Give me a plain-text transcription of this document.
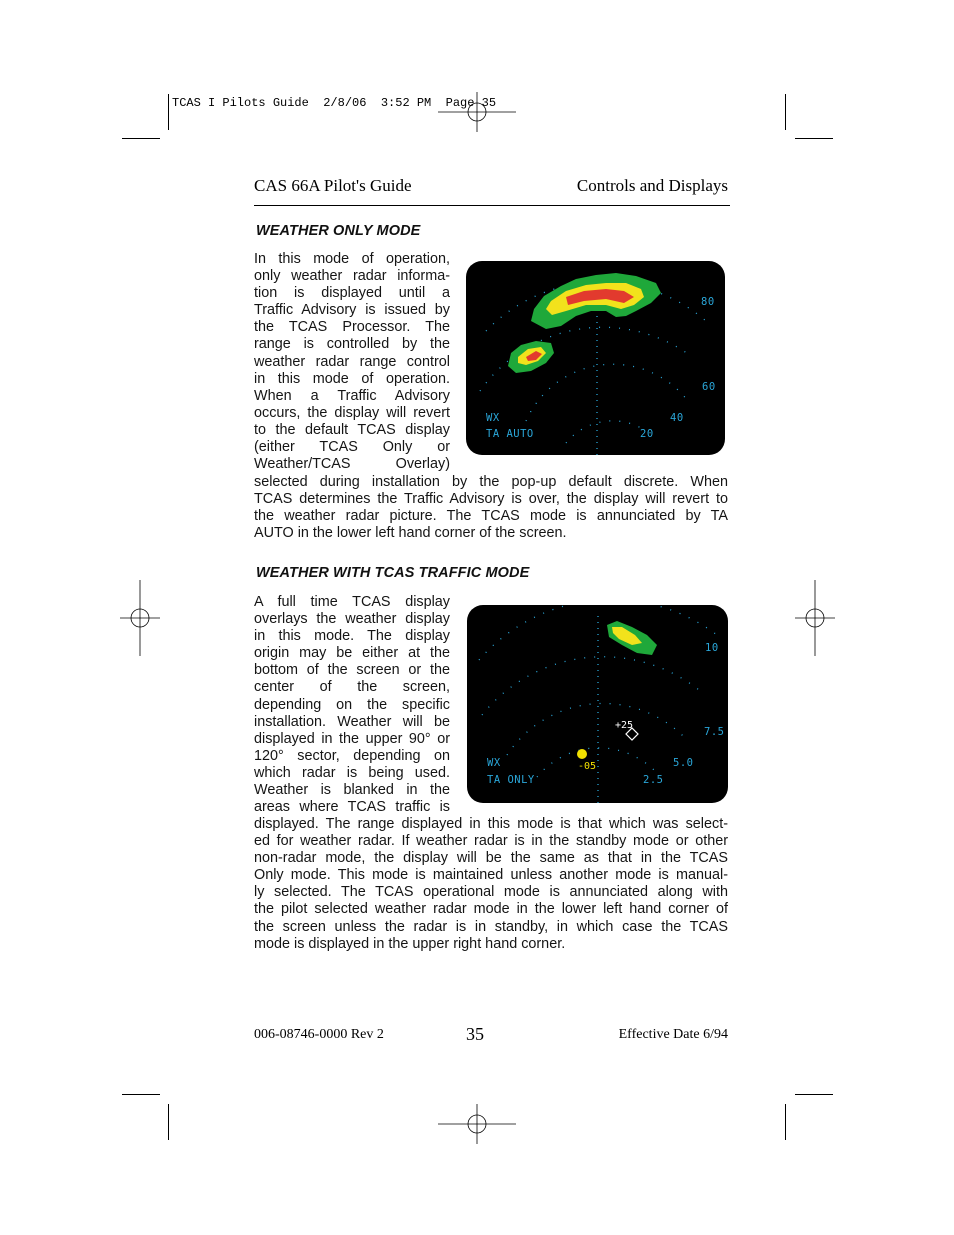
TCAS I Pilots Guide  2/8/06  3:52 PM  Page 35
CAS 66A Pilot's Guide	Controls and Displays
WEATHER ONLY MODE
In this mode of operation,
only weather radar informa-
tion is displayed until a
Traffic Advisory is issued by
the TCAS Processor. The
range is controlled by the
weather radar range control
in this mode of operation.
When a Traffic Advisory
occurs, the display will revert
to the default TCAS display
(either TCAS Only or
Weather/TCAS Overlay)
selected during installation by the pop-up default discrete. When
TCAS determines the Traffic Advisory is over, the display will revert to
the weather radar picture. The TCAS mode is annunciated by TA
AUTO in the lower left hand corner of the screen.
80
60
40
20
WX
TA AUTO
WEATHER WITH TCAS TRAFFIC MODE
A full time TCAS display
overlays the weather display
in this mode. The display
origin may be either at the
bottom of the screen or the
center of the screen,
depending on the specific
installation. Weather will be
displayed in the upper 90° or
120° sector, depending on
which radar is being used.
Weather is blanked in the
areas where TCAS traffic is
displayed. The range displayed in this mode is that which was select-
ed for weather radar. If weather radar is in the standby mode or other
non-radar mode, the display will be the same as that in the TCAS
Only mode. This mode is maintained unless another mode is manual-
ly selected. The TCAS operational mode is annunciated along with
the pilot selected weather radar mode in the lower left hand corner of
the screen unless the radar is in standby, in which case the TCAS
mode is displayed in the upper right hand corner.
10
7.5
5.0
2.5
WX
TA ONLY
+25
-05
006-08746-0000 Rev 2	35	Effective Date 6/94
